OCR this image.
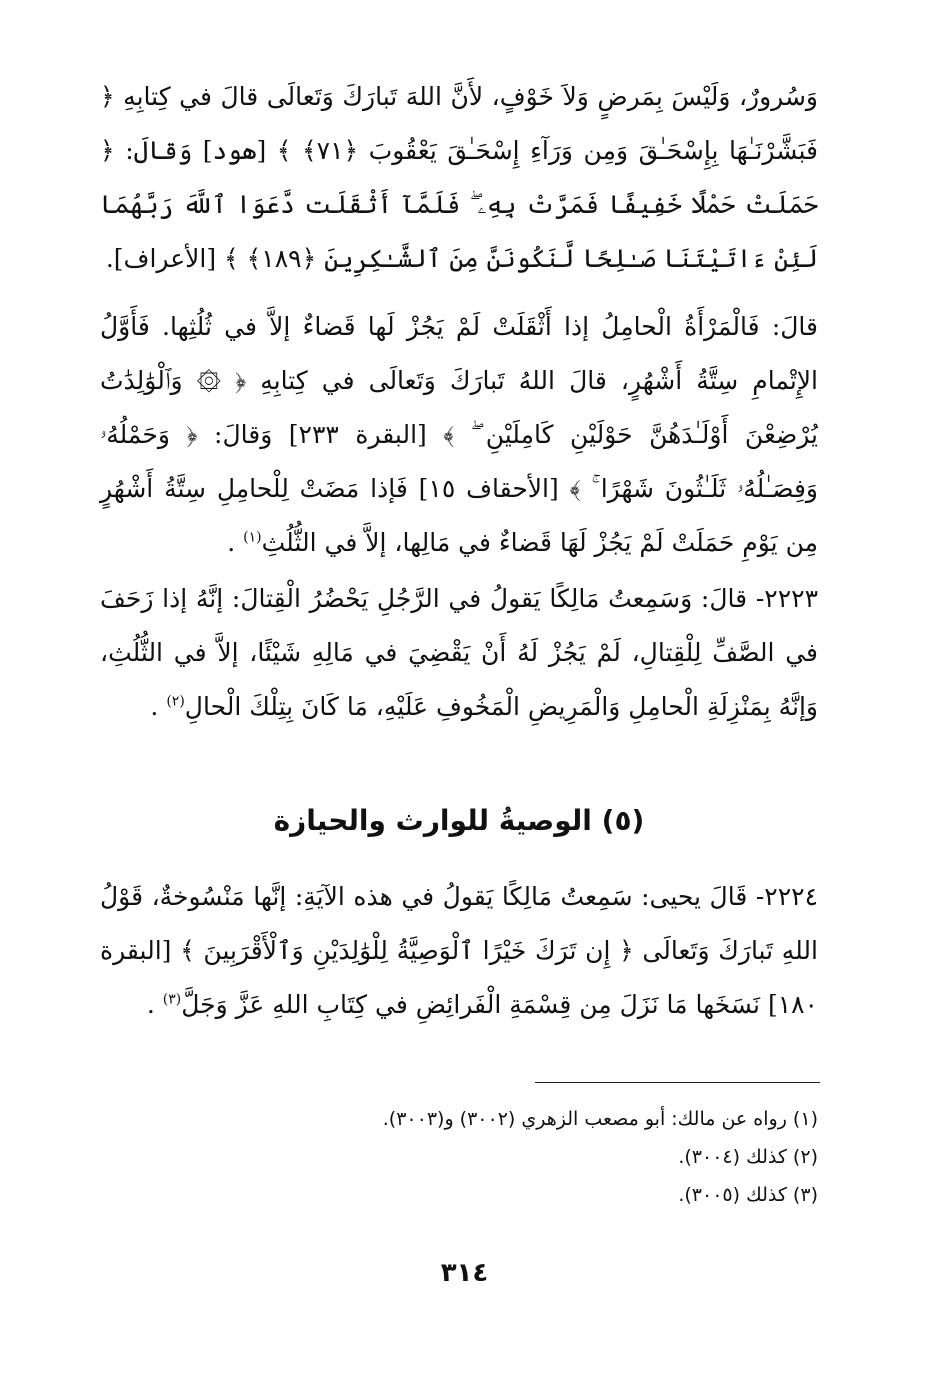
وَسُرورٌ، وَلَيْسَ بِمَرضٍ وَلاَ خَوْفٍ، لأَنَّ اللهَ تَبارَكَ وَتَعالَى قالَ في كِتابِهِ ﴿ فَبَشَّرْنَـٰهَا بِإِسْحَـٰقَ وَمِن وَرَآءِ إِسْحَـٰقَ يَعْقُوبَ ﴿٧١﴾ ﴾ [هود] وَقالَ: ﴿ حَمَلَتْ حَمْلًا خَفِيفًا فَمَرَّتْ بِهِۦ ۖ فَلَمَّآ أَثْقَلَت دَّعَوَا ٱللَّهَ رَبَّهُمَا لَئِنْ ءَاتَيْتَنَا صَـٰلِحًا لَّنَكُونَنَّ مِنَ ٱلشَّـٰكِرِينَ ﴿١٨٩﴾ ﴾ [الأعراف].

قالَ: فَالْمَرْأَةُ الْحامِلُ إذا أَثْقَلَتْ لَمْ يَجُزْ لَها قَضاءٌ إلاَّ في ثُلُثِها. فَأَوَّلُ الإِتْمامِ سِتَّةُ أَشْهُرٍ، قالَ اللهُ تَبارَكَ وَتَعالَى في كِتابِهِ ﴿ ۞ وَٱلْوَٰلِدَٰتُ يُرْضِعْنَ أَوْلَـٰدَهُنَّ حَوْلَيْنِ كَامِلَيْنِ ۖ ﴾ [البقرة ٢٣٣] وَقالَ: ﴿ وَحَمْلُهُۥ وَفِصَـٰلُهُۥ ثَلَـٰثُونَ شَهْرًا ۚ ﴾ [الأحقاف ١٥] فَإذا مَضَتْ لِلْحامِلِ سِتَّةُ أَشْهُرٍ مِن يَوْمِ حَمَلَتْ لَمْ يَجُزْ لَهَا قَضاءٌ في مَالِها، إلاَّ في الثُّلُثِ$^{(١)}$ .

٢٢٢٣- قالَ: وَسَمِعتُ مَالِكًا يَقولُ في الرَّجُلِ يَحْضُرُ الْقِتالَ: إنَّهُ إذا زَحَفَ في الصَّفِّ لِلْقِتالِ، لَمْ يَجُزْ لَهُ أَنْ يَقْضِيَ في مَالِهِ شَيْئًا، إلاَّ في الثُّلُثِ، وَإنَّهُ بِمَنْزِلَةِ الْحامِلِ وَالْمَرِيضِ الْمَخُوفِ عَلَيْهِ، مَا كَانَ بِتِلْكَ الْحالِ$^{(٢)}$ .

(٥) الوصيةُ للوارث والحيازة

٢٢٢٤- قَالَ يحيى: سَمِعتُ مَالِكًا يَقولُ في هذه الآيَةِ: إنَّها مَنْسُوخةٌ، قَوْلُ اللهِ تَبارَكَ وَتَعالَى ﴿ إِن تَرَكَ خَيْرًا ٱلْوَصِيَّةُ لِلْوَٰلِدَيْنِ وَٱلْأَقْرَبِينَ ﴾ [البقرة ١٨٠] نَسَخَها مَا نَزَلَ مِن قِسْمَةِ الْفَرائِضِ في كِتَابِ اللهِ عَزَّ وَجَلَّ$^{(٣)}$ .

(١) رواه عن مالك: أبو مصعب الزهري (٣٠٠٢) و(٣٠٠٣).

(٢) كذلك (٣٠٠٤).

(٣) كذلك (٣٠٠٥).

٣١٤
